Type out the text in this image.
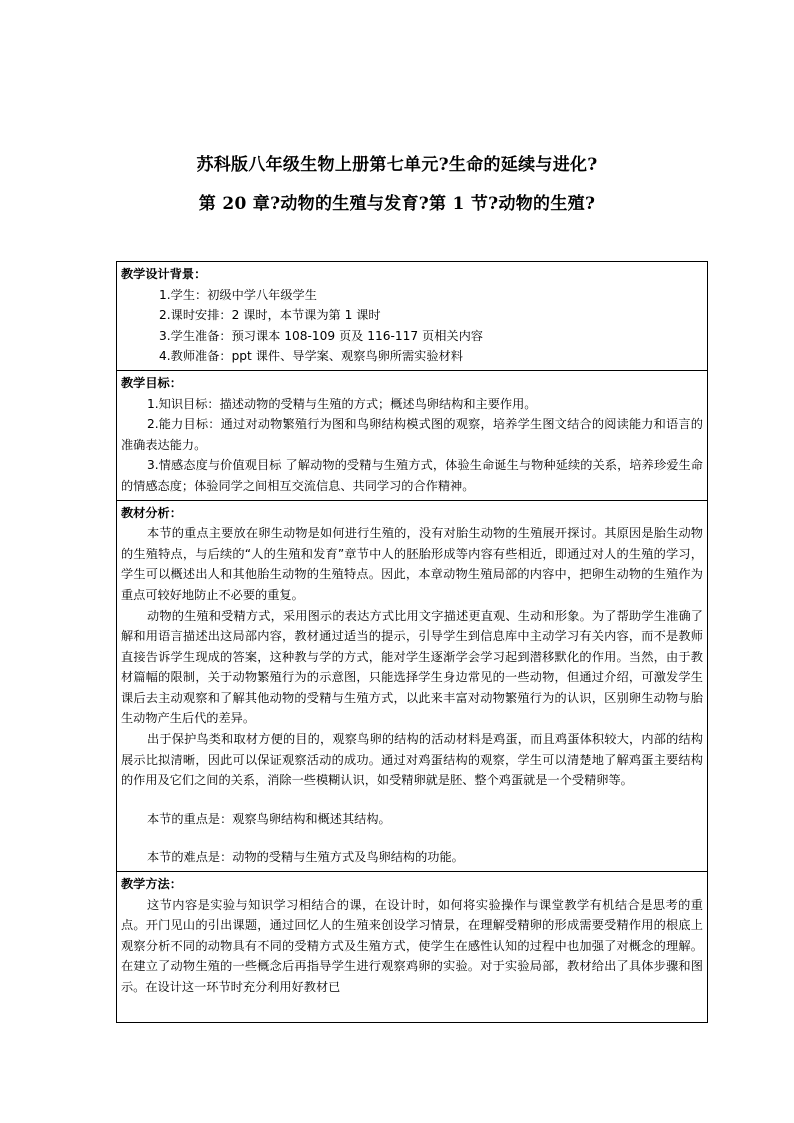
苏科版八年级生物上册第七单元?生命的延续与进化?
第 20 章?动物的生殖与发育?第 1 节?动物的生殖?
教学设计背景：
1.学生：初级中学八年级学生
2.课时安排：2 课时，本节课为第 1 课时
3.学生准备：预习课本 108-109 页及 116-117 页相关内容
4.教师准备：ppt 课件、导学案、观察鸟卵所需实验材料

教学目标：
1.知识目标：描述动物的受精与生殖的方式；概述鸟卵结构和主要作用。
2.能力目标：通过对动物繁殖行为图和鸟卵结构模式图的观察，培养学生图文结合的阅读能力和语言的准确表达能力。
3.情感态度与价值观目标 了解动物的受精与生殖方式，体验生命诞生与物种延续的关系，培养珍爱生命的情感态度；体验同学之间相互交流信息、共同学习的合作精神。

教材分析：
本节的重点主要放在卵生动物是如何进行生殖的，没有对胎生动物的生殖展开探讨。其原因是胎生动物的生殖特点，与后续的“人的生殖和发育”章节中人的胚胎形成等内容有些相近，即通过对人的生殖的学习，学生可以概述出人和其他胎生动物的生殖特点。因此，本章动物生殖局部的内容中，把卵生动物的生殖作为重点可较好地防止不必要的重复。
动物的生殖和受精方式，采用图示的表达方式比用文字描述更直观、生动和形象。为了帮助学生准确了解和用语言描述出这局部内容，教材通过适当的提示，引导学生到信息库中主动学习有关内容，而不是教师直接告诉学生现成的答案，这种教与学的方式，能对学生逐渐学会学习起到潜移默化的作用。当然，由于教材篇幅的限制，关于动物繁殖行为的示意图，只能选择学生身边常见的一些动物，但通过介绍，可激发学生课后去主动观察和了解其他动物的受精与生殖方式，以此来丰富对动物繁殖行为的认识，区别卵生动物与胎生动物产生后代的差异。
出于保护鸟类和取材方便的目的，观察鸟卵的结构的活动材料是鸡蛋，而且鸡蛋体积较大，内部的结构展示比拟清晰，因此可以保证观察活动的成功。通过对鸡蛋结构的观察，学生可以清楚地了解鸡蛋主要结构的作用及它们之间的关系，消除一些模糊认识，如受精卵就是胚、整个鸡蛋就是一个受精卵等。
本节的重点是：观察鸟卵结构和概述其结构。
本节的难点是：动物的受精与生殖方式及鸟卵结构的功能。

教学方法：
这节内容是实验与知识学习相结合的课，在设计时，如何将实验操作与课堂教学有机结合是思考的重点。开门见山的引出课题，通过回忆人的生殖来创设学习情景，在理解受精卵的形成需要受精作用的根底上观察分析不同的动物具有不同的受精方式及生殖方式，使学生在感性认知的过程中也加强了对概念的理解。在建立了动物生殖的一些概念后再指导学生进行观察鸡卵的实验。对于实验局部，教材给出了具体步骤和图示。在设计这一环节时充分利用好教材已
